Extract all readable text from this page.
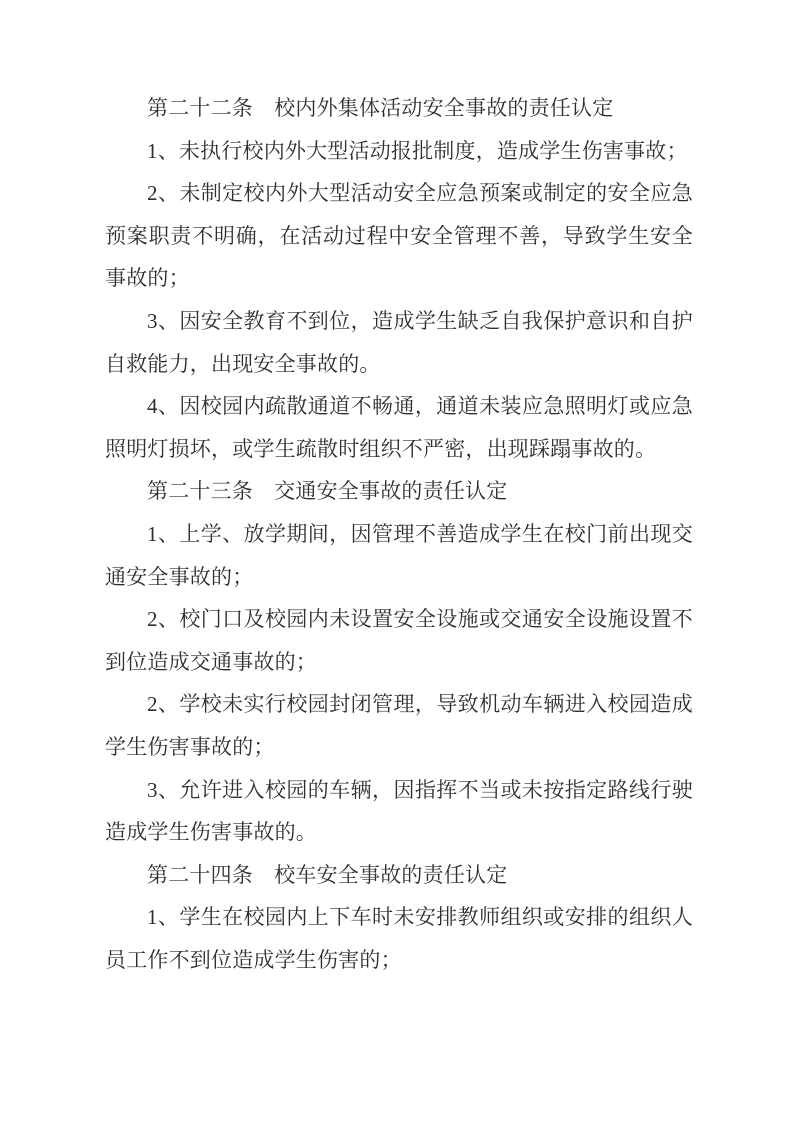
第二十二条　校内外集体活动安全事故的责任认定

1、未执行校内外大型活动报批制度，造成学生伤害事故；

2、未制定校内外大型活动安全应急预案或制定的安全应急预案职责不明确，在活动过程中安全管理不善，导致学生安全事故的；

3、因安全教育不到位，造成学生缺乏自我保护意识和自护自救能力，出现安全事故的。

4、因校园内疏散通道不畅通，通道未装应急照明灯或应急照明灯损坏，或学生疏散时组织不严密，出现踩蹋事故的。

第二十三条　交通安全事故的责任认定

1、上学、放学期间，因管理不善造成学生在校门前出现交通安全事故的；

2、校门口及校园内未设置安全设施或交通安全设施设置不到位造成交通事故的；

2、学校未实行校园封闭管理，导致机动车辆进入校园造成学生伤害事故的；

3、允许进入校园的车辆，因指挥不当或未按指定路线行驶造成学生伤害事故的。

第二十四条　校车安全事故的责任认定

1、学生在校园内上下车时未安排教师组织或安排的组织人员工作不到位造成学生伤害的；
